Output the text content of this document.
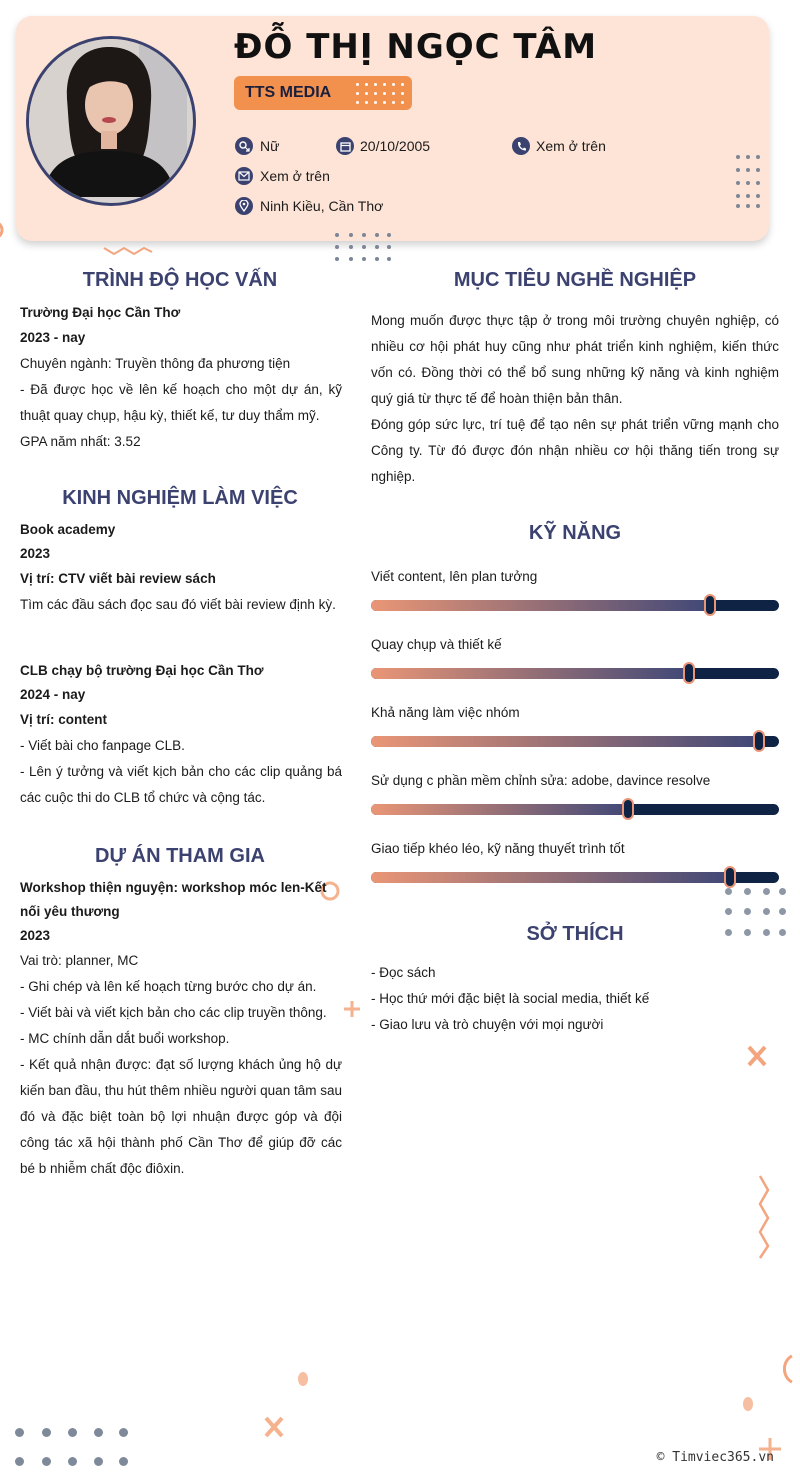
ĐỖ THỊ NGỌC TÂM
TTS MEDIA
Nữ	20/10/2005	Xem ở trên
Xem ở trên
Ninh Kiều, Cần Thơ
TRÌNH ĐỘ HỌC VẤN
Trường Đại học Cần Thơ
2023 - nay
Chuyên ngành: Truyền thông đa phương tiện
- Đã được học về lên kế hoạch cho một dự án, kỹ thuật quay chụp, hậu kỳ, thiết kế, tư duy thẩm mỹ.
GPA năm nhất: 3.52
KINH NGHIỆM LÀM VIỆC
Book academy
2023
Vị trí: CTV viết bài review sách
Tìm các đầu sách đọc sau đó viết bài review định kỳ.
CLB chạy bộ trường Đại học Cần Thơ
2024 - nay
Vị trí: content
- Viết bài cho fanpage CLB.
- Lên ý tưởng và viết kịch bản cho các clip quảng bá các cuộc thi do CLB tổ chức và cộng tác.
DỰ ÁN THAM GIA
Workshop thiện nguyện: workshop móc len-Kết nối yêu thương
2023
Vai trò: planner, MC
- Ghi chép và lên kế hoạch từng bước cho dự án.
- Viết bài và viết kịch bản cho các clip truyền thông.
- MC chính dẫn dắt buổi workshop.
- Kết quả nhận được: đạt số lượng khách ủng hộ dự kiến ban đầu, thu hút thêm nhiều người quan tâm sau đó và đặc biệt toàn bộ lợi nhuận được góp và đội công tác xã hội thành phố Cần Thơ để giúp đỡ các bé b nhiễm chất độc điôxin.
MỤC TIÊU NGHỀ NGHIỆP
Mong muốn được thực tập ở trong môi trường chuyên nghiệp, có nhiều cơ hội phát huy cũng như phát triển kinh nghiệm, kiến thức vốn có. Đồng thời có thể bổ sung những kỹ năng và kinh nghiệm quý giá từ thực tế để hoàn thiện bản thân.
Đóng góp sức lực, trí tuệ để tạo nên sự phát triển vững mạnh cho Công ty. Từ đó được đón nhận nhiều cơ hội thăng tiến trong sự nghiệp.
KỸ NĂNG
Viết content, lên plan tưởng
Quay chụp và thiết kế
Khả năng làm việc nhóm
Sử dụng c phần mềm chỉnh sửa: adobe, davince resolve
Giao tiếp khéo léo, kỹ năng thuyết trình tốt
SỞ THÍCH
- Đọc sách
- Học thứ mới đặc biệt là social media, thiết kế
- Giao lưu và trò chuyện với mọi người
© Timviec365.vn
